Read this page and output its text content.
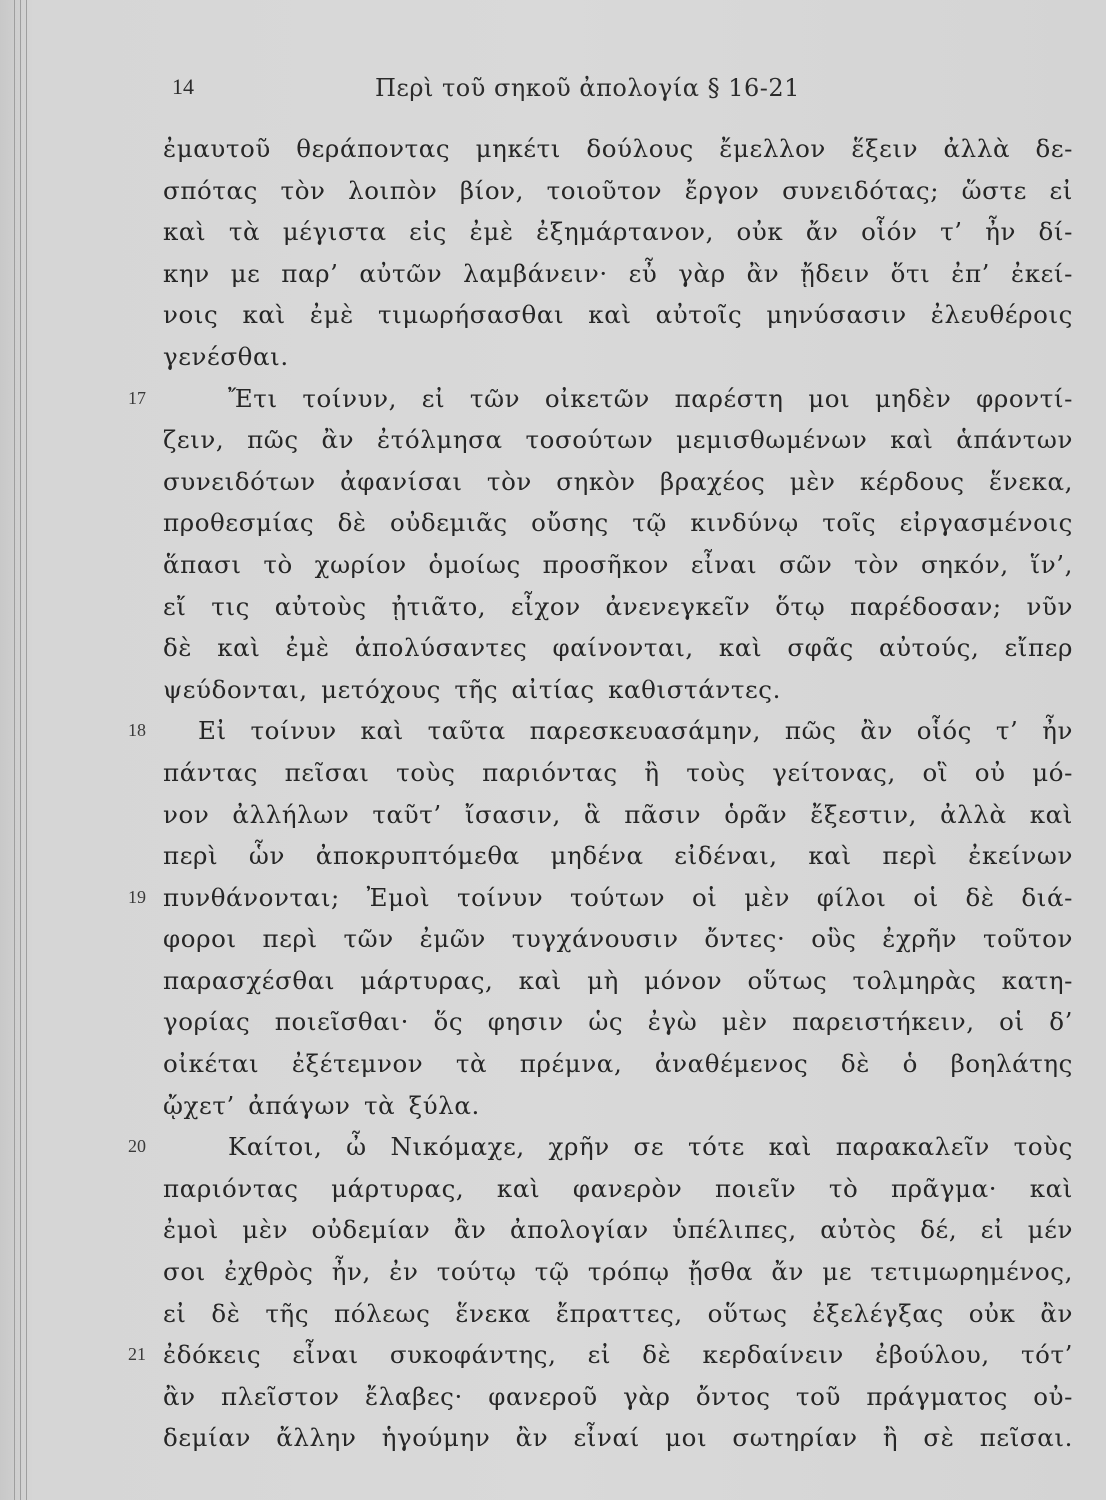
14	Περὶ τοῦ σηκοῦ ἀπολογία § 16-21
ἐμαυτοῦ θεράποντας μηκέτι δούλους ἔμελλον ἕξειν ἀλλὰ δε-
σπότας τὸν λοιπὸν βίον, τοιοῦτον ἔργον συνειδότας; ὥστε εἰ
καὶ τὰ μέγιστα εἰς ἐμὲ ἐξημάρτανον, οὐκ ἄν οἷόν τ’ ἦν δί-
κην με παρ’ αὐτῶν λαμβάνειν· εὖ γὰρ ἂν ᾔδειν ὅτι ἐπ’ ἐκεί-
νοις καὶ ἐμὲ τιμωρήσασθαι καὶ αὐτοῖς μηνύσασιν ἐλευθέροις
γενέσθαι.
17	Ἔτι τοίνυν, εἰ τῶν οἰκετῶν παρέστη μοι μηδὲν φροντί-
ζειν, πῶς ἂν ἐτόλμησα τοσούτων μεμισθωμένων καὶ ἁπάντων
συνειδότων ἀφανίσαι τὸν σηκὸν βραχέος μὲν κέρδους ἕνεκα,
προθεσμίας δὲ οὐδεμιᾶς οὔσης τῷ κινδύνῳ τοῖς εἰργασμένοις
ἅπασι τὸ χωρίον ὁμοίως προσῆκον εἶναι σῶν τὸν σηκόν, ἵν’,
εἴ τις αὐτοὺς ᾐτιᾶτο, εἶχον ἀνενεγκεῖν ὅτῳ παρέδοσαν; νῦν
δὲ καὶ ἐμὲ ἀπολύσαντες φαίνονται, καὶ σφᾶς αὐτούς, εἴπερ
ψεύδονται, μετόχους τῆς αἰτίας καθιστάντες.
18 Εἰ τοίνυν καὶ ταῦτα παρεσκευασάμην, πῶς ἂν οἷός τ’ ἦν
πάντας πεῖσαι τοὺς παριόντας ἢ τοὺς γείτονας, οἳ οὐ μό-
νον ἀλλήλων ταῦτ’ ἴσασιν, ἃ πᾶσιν ὁρᾶν ἔξεστιν, ἀλλὰ καὶ
περὶ ὧν ἀποκρυπτόμεθα μηδένα εἰδέναι, καὶ περὶ ἐκείνων
19 πυνθάνονται; Ἐμοὶ τοίνυν τούτων οἱ μὲν φίλοι οἱ δὲ διά-
φοροι περὶ τῶν ἐμῶν τυγχάνουσιν ὄντες· οὓς ἐχρῆν τοῦτον
παρασχέσθαι μάρτυρας, καὶ μὴ μόνον οὕτως τολμηρὰς κατη-
γορίας ποιεῖσθαι· ὅς φησιν ὡς ἐγὼ μὲν παρειστήκειν, οἱ δ’
οἰκέται ἐξέτεμνον τὰ πρέμνα, ἀναθέμενος δὲ ὁ βοηλάτης
ᾤχετ’ ἀπάγων τὰ ξύλα.
20	Καίτοι, ὦ Νικόμαχε, χρῆν σε τότε καὶ παρακαλεῖν τοὺς
παριόντας μάρτυρας, καὶ φανερὸν ποιεῖν τὸ πρᾶγμα· καὶ
ἐμοὶ μὲν οὐδεμίαν ἂν ἀπολογίαν ὑπέλιπες, αὐτὸς δέ, εἰ μέν
σοι ἐχθρὸς ἦν, ἐν τούτῳ τῷ τρόπῳ ᾔσθα ἄν με τετιμωρημένος,
εἰ δὲ τῆς πόλεως ἕνεκα ἔπραττες, οὕτως ἐξελέγξας οὐκ ἂν
21 ἐδόκεις εἶναι συκοφάντης, εἰ δὲ κερδαίνειν ἐβούλου, τότ’
ἂν πλεῖστον ἔλαβες· φανεροῦ γὰρ ὄντος τοῦ πράγματος οὐ-
δεμίαν ἄλλην ἡγούμην ἂν εἶναί μοι σωτηρίαν ἢ σὲ πεῖσαι.
